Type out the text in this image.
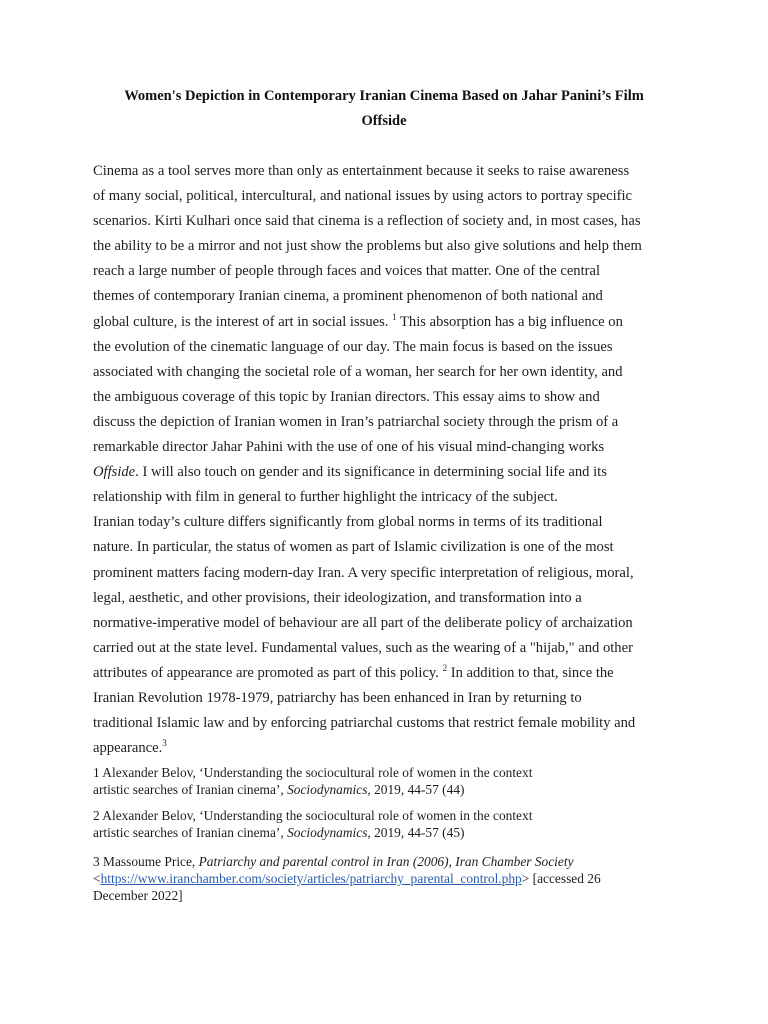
Women's Depiction in Contemporary Iranian Cinema Based on Jahar Panini’s Film
Offside
Cinema as a tool serves more than only as entertainment because it seeks to raise awareness
of many social, political, intercultural, and national issues by using actors to portray specific
scenarios. Kirti Kulhari once said that cinema is a reflection of society and, in most cases, has
the ability to be a mirror and not just show the problems but also give solutions and help them
reach a large number of people through faces and voices that matter. One of the central
themes of contemporary Iranian cinema, a prominent phenomenon of both national and
global culture, is the interest of art in social issues. $^1$ This absorption has a big influence on
the evolution of the cinematic language of our day. The main focus is based on the issues
associated with changing the societal role of a woman, her search for her own identity, and
the ambiguous coverage of this topic by Iranian directors. This essay aims to show and
discuss the depiction of Iranian women in Iran’s patriarchal society through the prism of a
remarkable director Jahar Pahini with the use of one of his visual mind-changing works
Offside. I will also touch on gender and its significance in determining social life and its
relationship with film in general to further highlight the intricacy of the subject.
Iranian today’s culture differs significantly from global norms in terms of its traditional
nature. In particular, the status of women as part of Islamic civilization is one of the most
prominent matters facing modern-day Iran. A very specific interpretation of religious, moral,
legal, aesthetic, and other provisions, their ideologization, and transformation into a
normative-imperative model of behaviour are all part of the deliberate policy of archaization
carried out at the state level. Fundamental values, such as the wearing of a "hijab," and other
attributes of appearance are promoted as part of this policy. $^2$ In addition to that, since the
Iranian Revolution 1978-1979, patriarchy has been enhanced in Iran by returning to
traditional Islamic law and by enforcing patriarchal customs that restrict female mobility and
appearance.$^3$

1 Alexander Belov, ‘Understanding the sociocultural role of women in the context
artistic searches of Iranian cinema’, Sociodynamics, 2019, 44-57 (44)

2 Alexander Belov, ‘Understanding the sociocultural role of women in the context
artistic searches of Iranian cinema’, Sociodynamics, 2019, 44-57 (45)

3 Massoume Price, Patriarchy and parental control in Iran (2006), Iran Chamber Society
<https://www.iranchamber.com/society/articles/patriarchy_parental_control.php> [accessed 26
December 2022]
